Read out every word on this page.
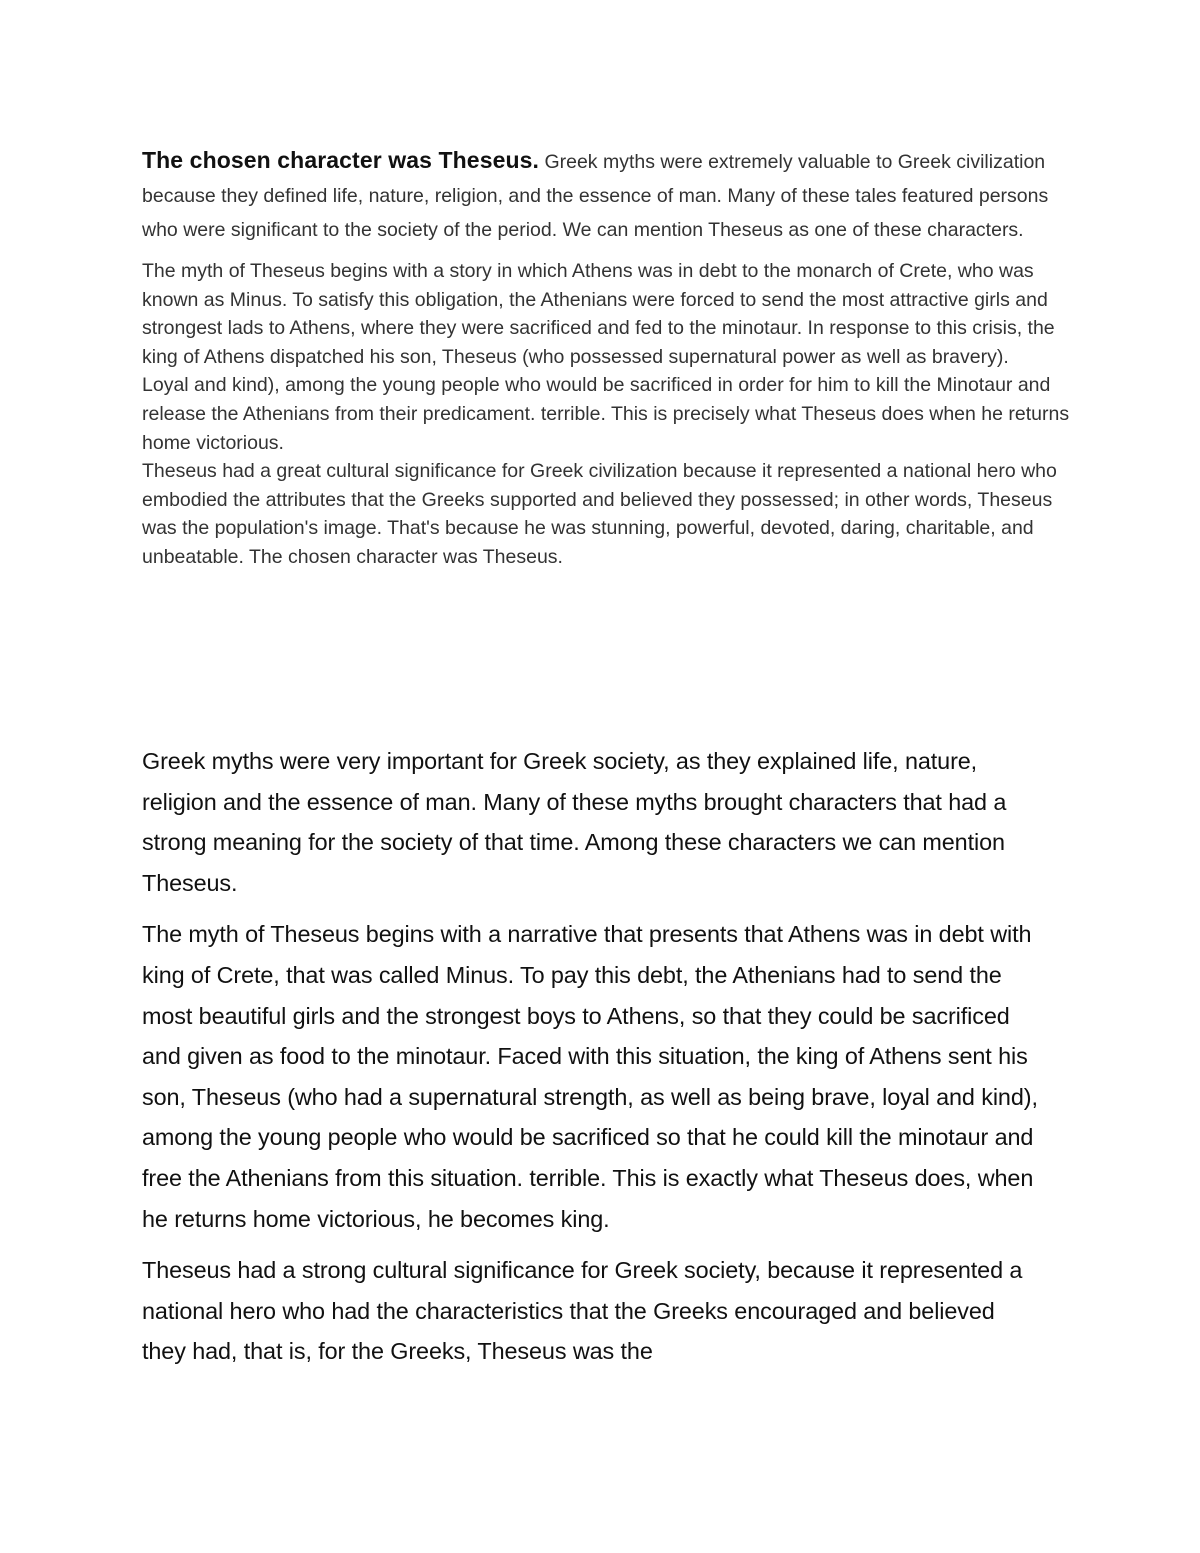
The chosen character was Theseus. Greek myths were extremely valuable to Greek civilization because they defined life, nature, religion, and the essence of man. Many of these tales featured persons who were significant to the society of the period. We can mention Theseus as one of these characters.

The myth of Theseus begins with a story in which Athens was in debt to the monarch of Crete, who was known as Minus. To satisfy this obligation, the Athenians were forced to send the most attractive girls and strongest lads to Athens, where they were sacrificed and fed to the minotaur. In response to this crisis, the king of Athens dispatched his son, Theseus (who possessed supernatural power as well as bravery).

Loyal and kind), among the young people who would be sacrificed in order for him to kill the Minotaur and release the Athenians from their predicament. terrible. This is precisely what Theseus does when he returns home victorious.

Theseus had a great cultural significance for Greek civilization because it represented a national hero who embodied the attributes that the Greeks supported and believed they possessed; in other words, Theseus was the population's image. That's because he was stunning, powerful, devoted, daring, charitable, and unbeatable. The chosen character was Theseus.

Greek myths were very important for Greek society, as they explained life, nature, religion and the essence of man. Many of these myths brought characters that had a strong meaning for the society of that time. Among these characters we can mention Theseus.

The myth of Theseus begins with a narrative that presents that Athens was in debt with king of Crete, that was called Minus. To pay this debt, the Athenians had to send the most beautiful girls and the strongest boys to Athens, so that they could be sacrificed and given as food to the minotaur. Faced with this situation, the king of Athens sent his son, Theseus (who had a supernatural strength, as well as being brave, loyal and kind), among the young people who would be sacrificed so that he could kill the minotaur and free the Athenians from this situation. terrible. This is exactly what Theseus does, when he returns home victorious, he becomes king.

Theseus had a strong cultural significance for Greek society, because it represented a national hero who had the characteristics that the Greeks encouraged and believed they had, that is, for the Greeks, Theseus was the
